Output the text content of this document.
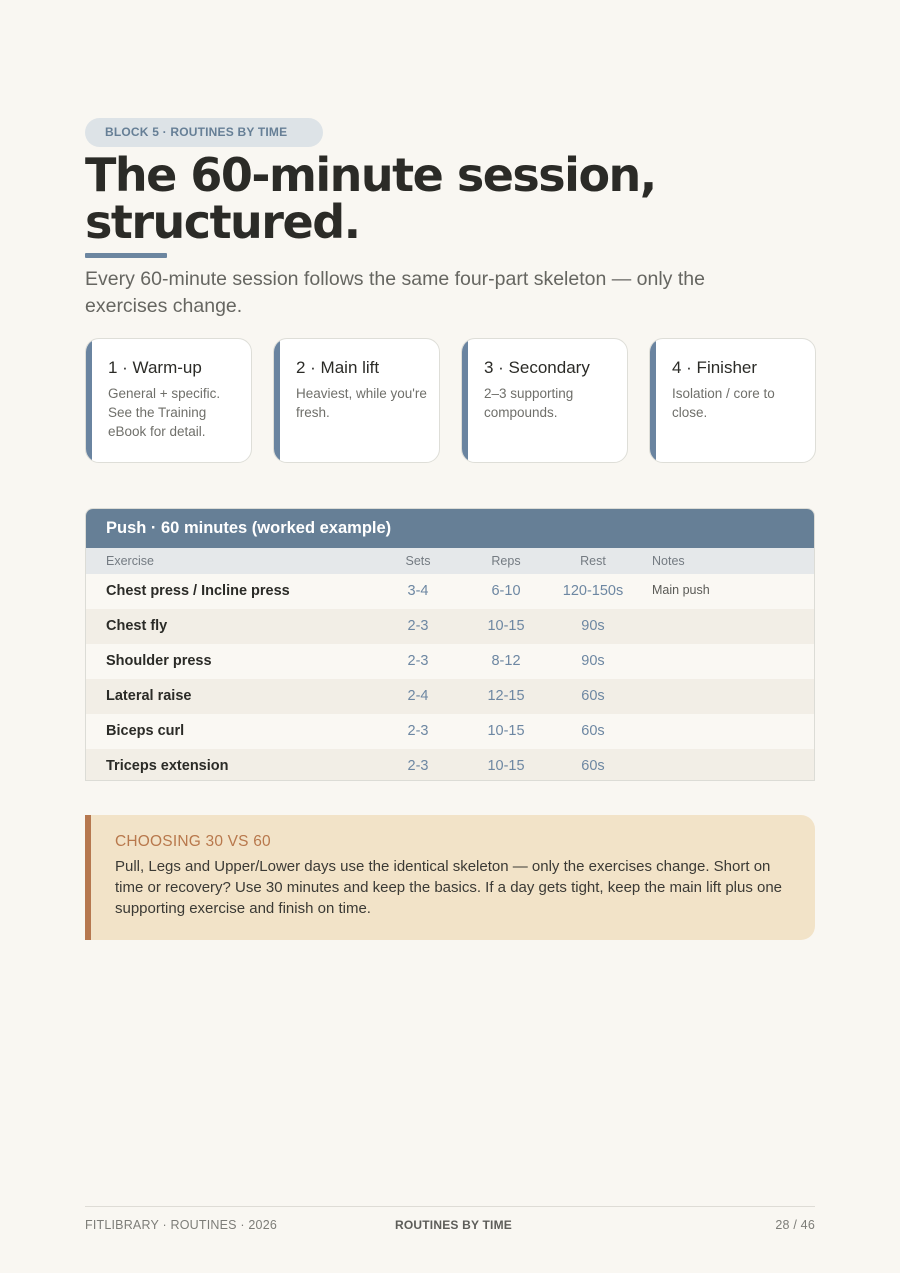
BLOCK 5 · ROUTINES BY TIME
The 60-minute session,
structured.

Every 60-minute session follows the same four-part skeleton — only the exercises change.

1 · Warm-up
General + specific. See the Training eBook for detail.
2 · Main lift
Heaviest, while you're fresh.
3 · Secondary
2–3 supporting compounds.
4 · Finisher
Isolation / core to close.
Push · 60 minutes (worked example)
Exercise	Sets	Reps	Rest	Notes
Chest press / Incline press	3-4	6-10	120-150s	Main push
Chest fly	2-3	10-15	90s
Shoulder press	2-3	8-12	90s
Lateral raise	2-4	12-15	60s
Biceps curl	2-3	10-15	60s
Triceps extension	2-3	10-15	60s
CHOOSING 30 VS 60

Pull, Legs and Upper/Lower days use the identical skeleton — only the exercises change. Short on time or recovery? Use 30 minutes and keep the basics. If a day gets tight, keep the main lift plus one supporting exercise and finish on time.

FITLIBRARY · ROUTINES · 2026	ROUTINES BY TIME	28 / 46
